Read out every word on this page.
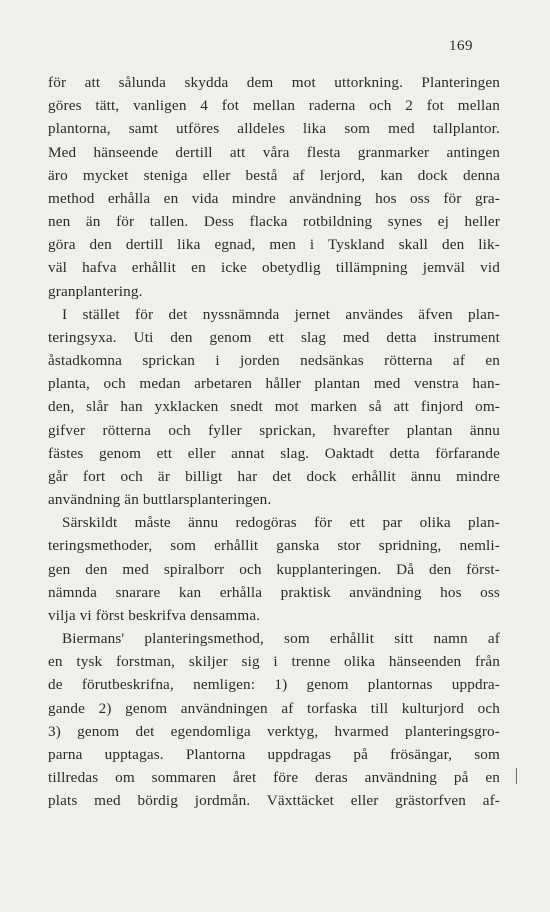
169
för att sålunda skydda dem mot uttorkning. Planteringen
göres tätt, vanligen 4 fot mellan raderna och 2 fot mellan
plantorna, samt utföres alldeles lika som med tallplantor.
Med hänseende dertill att våra flesta granmarker antingen
äro mycket steniga eller bestå af lerjord, kan dock denna
method erhålla en vida mindre användning hos oss för gra-
nen än för tallen. Dess flacka rotbildning synes ej heller
göra den dertill lika egnad, men i Tyskland skall den lik-
väl hafva erhållit en icke obetydlig tillämpning jemväl vid
granplantering.
I stället för det nyssnämnda jernet användes äfven plan-
teringsyxa. Uti den genom ett slag med detta instrument
åstadkomna sprickan i jorden nedsänkas rötterna af en
planta, och medan arbetaren håller plantan med venstra han-
den, slår han yxklacken snedt mot marken så att finjord om-
gifver rötterna och fyller sprickan, hvarefter plantan ännu
fästes genom ett eller annat slag. Oaktadt detta förfarande
går fort och är billigt har det dock erhållit ännu mindre
användning än buttlarsplanteringen.
Särskildt måste ännu redogöras för ett par olika plan-
teringsmethoder, som erhållit ganska stor spridning, nemli-
gen den med spiralborr och kupplanteringen. Då den först-
nämnda snarare kan erhålla praktisk användning hos oss
vilja vi först beskrifva densamma.
Biermans' planteringsmethod, som erhållit sitt namn af
en tysk forstman, skiljer sig i trenne olika hänseenden från
de förutbeskrifna, nemligen: 1) genom plantornas uppdra-
gande 2) genom användningen af torfaska till kulturjord och
3) genom det egendomliga verktyg, hvarmed planteringsgro-
parna upptagas. Plantorna uppdragas på frösängar, som
tillredas om sommaren året före deras användning på en
plats med bördig jordmån. Växttäcket eller grästorfven af-
